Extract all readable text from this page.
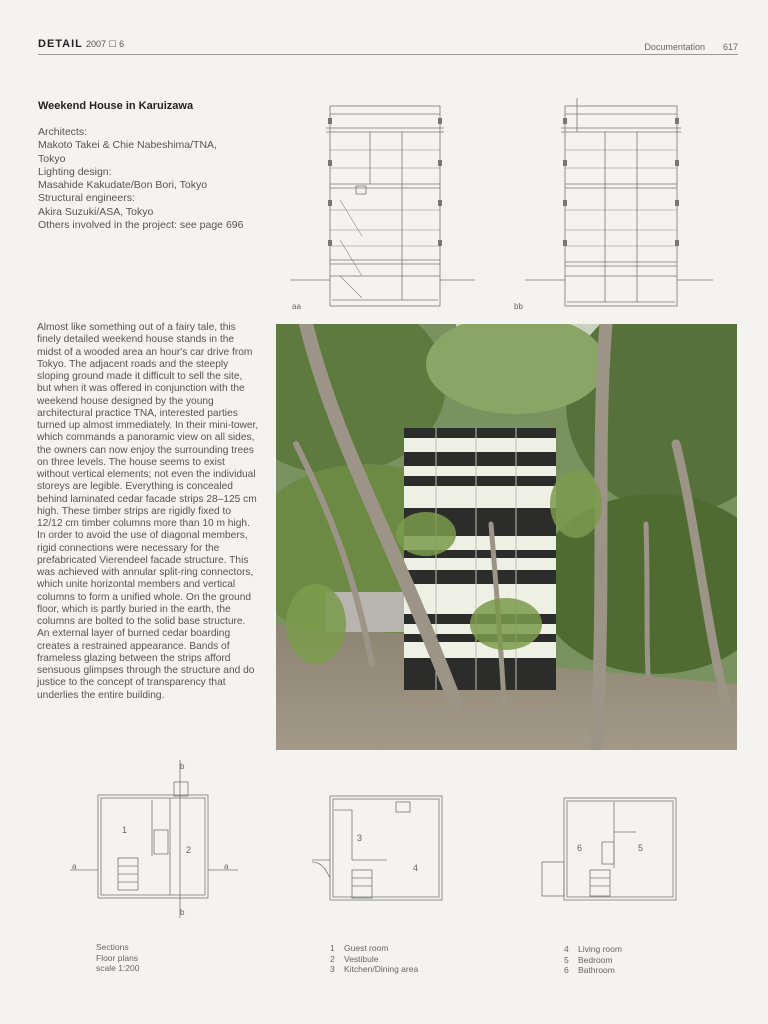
DETAIL 2007 ☐ 6	Documentation 617
Weekend House in Karuizawa
Architects:
Makoto Takei & Chie Nabeshima/TNA,
Tokyo
Lighting design:
Masahide Kakudate/Bon Bori, Tokyo
Structural engineers:
Akira Suzuki/ASA, Tokyo
Others involved in the project: see page 696
aa	bb
Almost like something out of a fairy tale, this finely detailed weekend house stands in the midst of a wooded area an hour's car drive from Tokyo. The adjacent roads and the steeply sloping ground made it difficult to sell the site, but when it was offered in conjunction with the weekend house designed by the young architectural practice TNA, interested parties turned up almost immediately. In their mini-tower, which commands a panoramic view on all sides, the owners can now enjoy the surrounding trees on three levels. The house seems to exist without vertical elements; not even the individual storeys are legible. Everything is concealed behind laminated cedar facade strips 28–125 cm high. These timber strips are rigidly fixed to 12/12 cm timber columns more than 10 m high. In order to avoid the use of diagonal members, rigid connections were necessary for the prefabricated Vierendeel facade structure. This was achieved with annular split-ring connectors, which unite horizontal members and vertical columns to form a unified whole. On the ground floor, which is partly buried in the earth, the columns are bolted to the solid base structure. An external layer of burned cedar boarding creates a restrained appearance. Bands of frameless glazing between the strips afford sensuous glimpses through the structure and do justice to the concept of transparency that underlies the entire building.
b
a	a
b
1
2
3
4
6	5
Sections
Floor plans
scale 1:200
1 Guest room
2 Vestibule
3 Kitchen/Dining area
4 Living room
5 Bedroom
6 Bathroom
